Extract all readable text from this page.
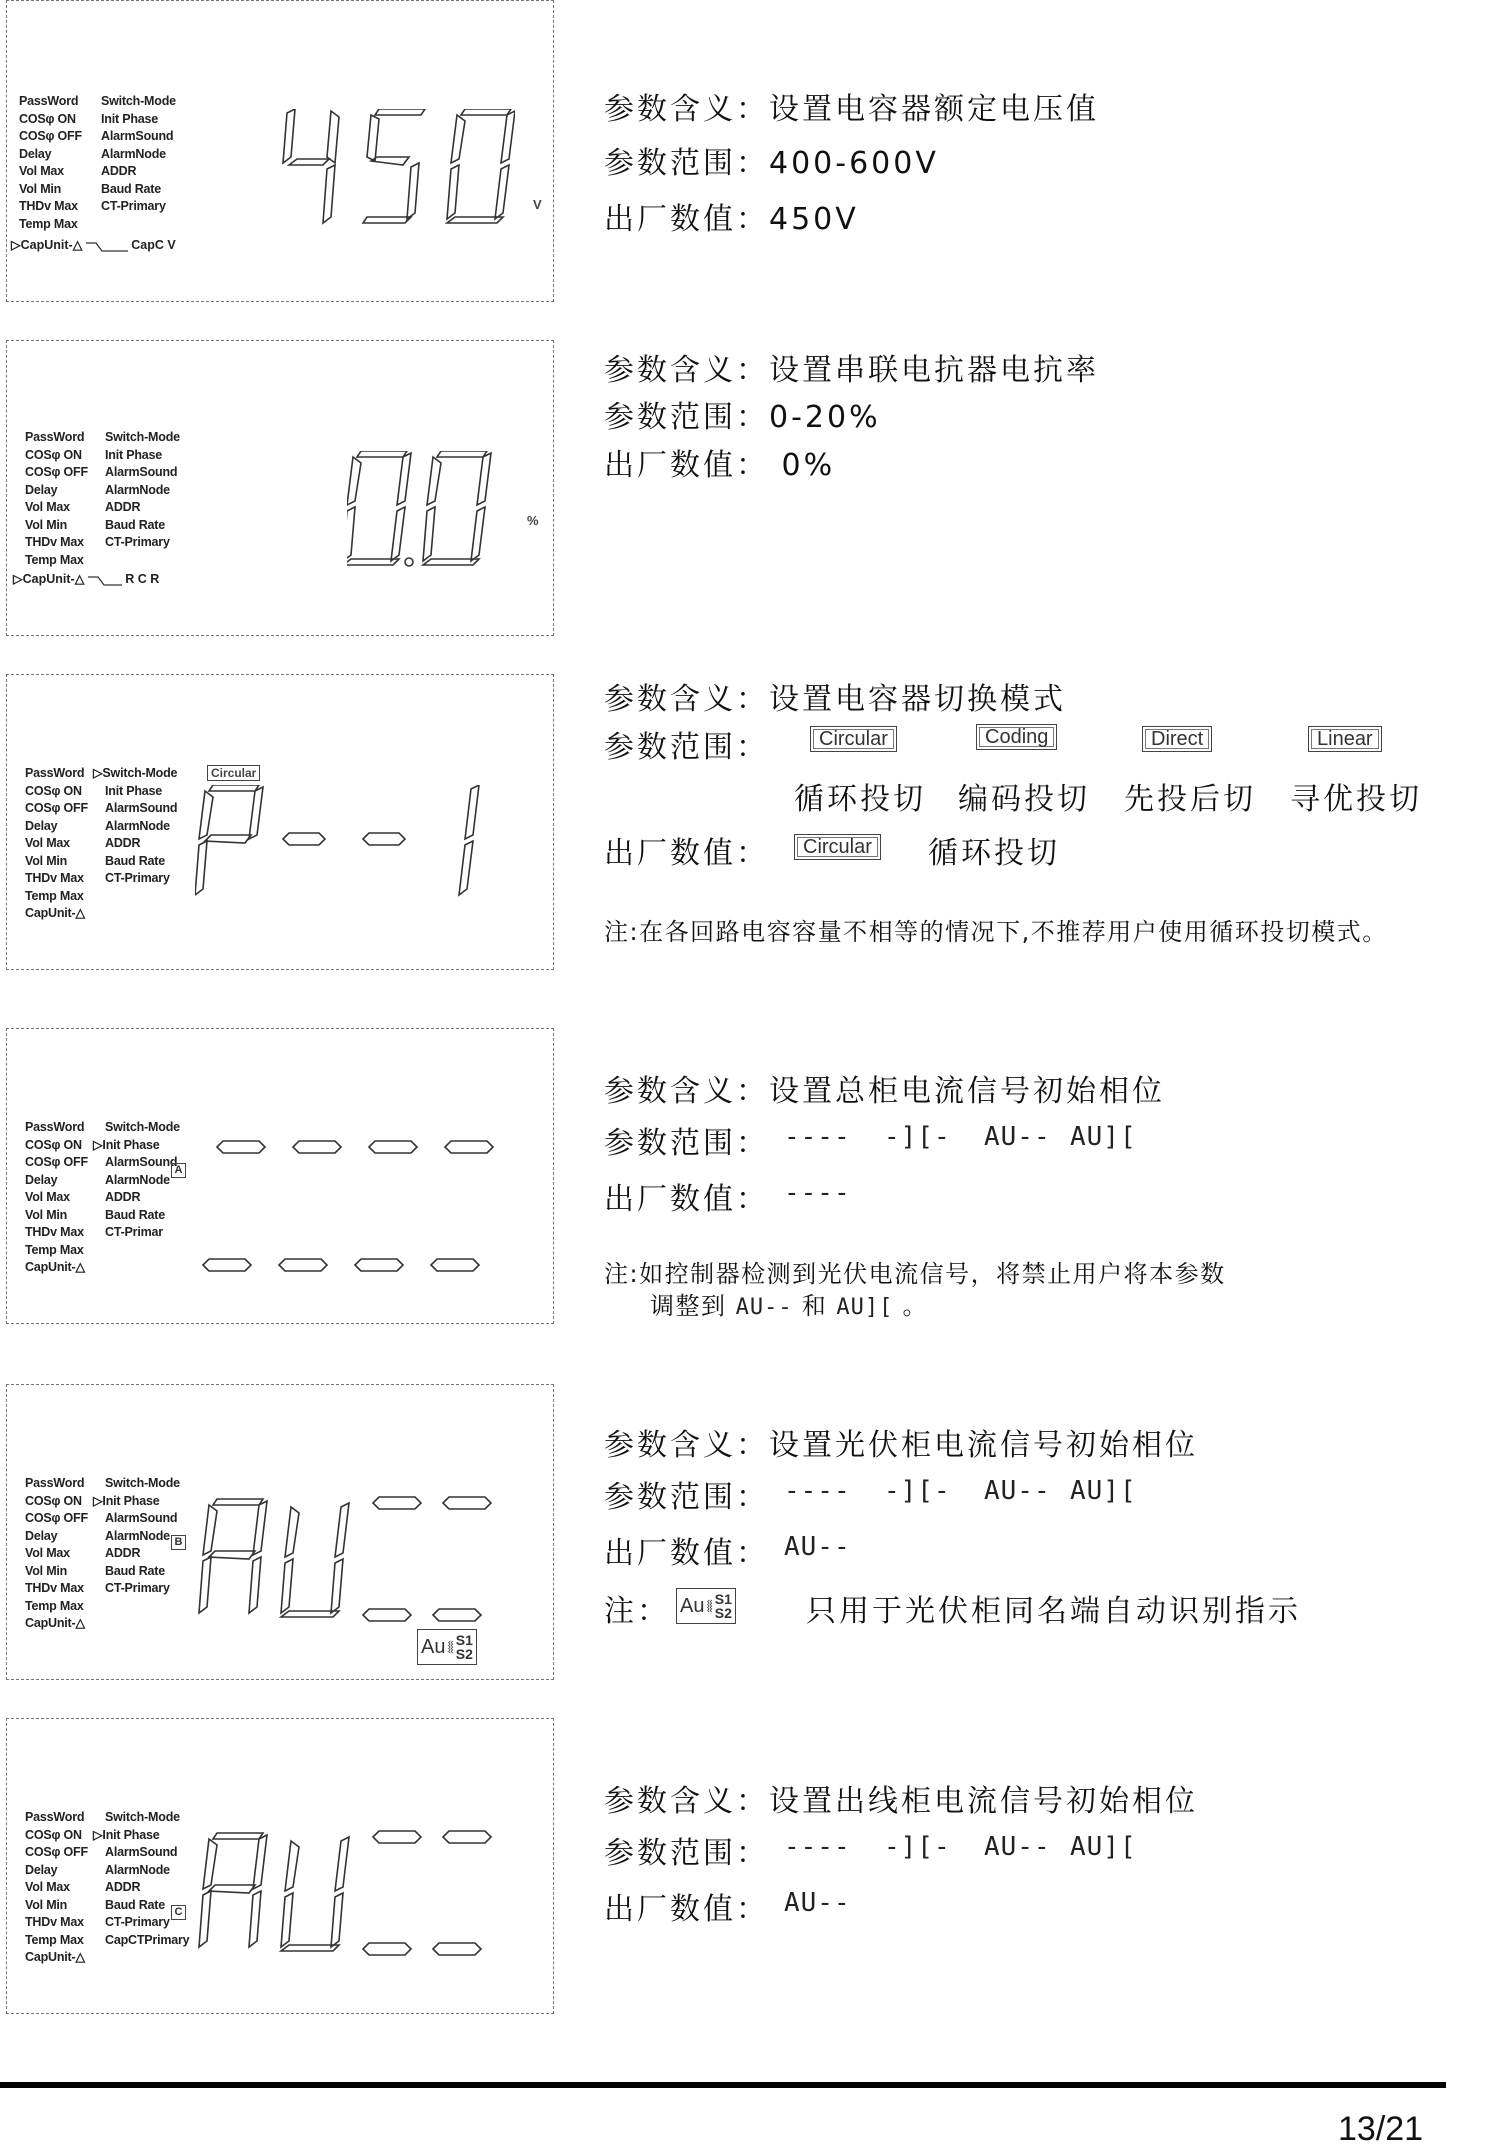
PassWord
COSφ ON
COSφ OFF
Delay
Vol Max
Vol Min
THDv Max
Temp Max
Switch-Mode
Init Phase
AlarmSound
AlarmNode
ADDR
Baud Rate
CT-Primary
▷CapUnit-△	CapC V
V
参数含义：设置电容器额定电压值
参数范围：400-600V
出厂数值：450V
PassWord
COSφ ON
COSφ OFF
Delay
Vol Max
Vol Min
THDv Max
Temp Max
Switch-Mode
Init Phase
AlarmSound
AlarmNode
ADDR
Baud Rate
CT-Primary
▷CapUnit-△	R C R
%
参数含义：设置串联电抗器电抗率
参数范围：0-20%
出厂数值： 0%
PassWord
COSφ ON
COSφ OFF
Delay
Vol Max
Vol Min
THDv Max
Temp Max
CapUnit-△
▷Switch-Mode
Init Phase
AlarmSound
AlarmNode
ADDR
Baud Rate
CT-Primary
Circular
参数含义：设置电容器切换模式
参数范围：	Circular	Coding	Direct	Linear
循环投切 编码投切 先投后切 寻优投切
出厂数值：	Circular	循环投切
注:在各回路电容容量不相等的情况下,不推荐用户使用循环投切模式。
PassWord
COSφ ON
COSφ OFF
Delay
Vol Max
Vol Min
THDv Max
Temp Max
CapUnit-△
Switch-Mode
▷Init Phase
AlarmSound
AlarmNode
ADDR
Baud Rate
CT-Primar
A
参数含义：设置总柜电流信号初始相位
参数范围： ---- -][- AU-- AU][
出厂数值： ----
注:如控制器检测到光伏电流信号，将禁止用户将本参数
调整到 AU-- 和 AU][ 。
PassWord
COSφ ON
COSφ OFF
Delay
Vol Max
Vol Min
THDv Max
Temp Max
CapUnit-△
Switch-Mode
▷Init Phase
AlarmSound
AlarmNode
ADDR
Baud Rate
CT-Primary
B
Au ⧛ S1
S2
参数含义：设置光伏柜电流信号初始相位
参数范围： ---- -][- AU-- AU][
出厂数值： AU--
注： Au ⧛ S1
S2 只用于光伏柜同名端自动识别指示
PassWord
COSφ ON
COSφ OFF
Delay
Vol Max
Vol Min
THDv Max
Temp Max
CapUnit-△
Switch-Mode
▷Init Phase
AlarmSound
AlarmNode
ADDR
Baud Rate
CT-Primary
CapCTPrimary
C
参数含义：设置出线柜电流信号初始相位
参数范围： ---- -][- AU-- AU][
出厂数值： AU--
13/21
